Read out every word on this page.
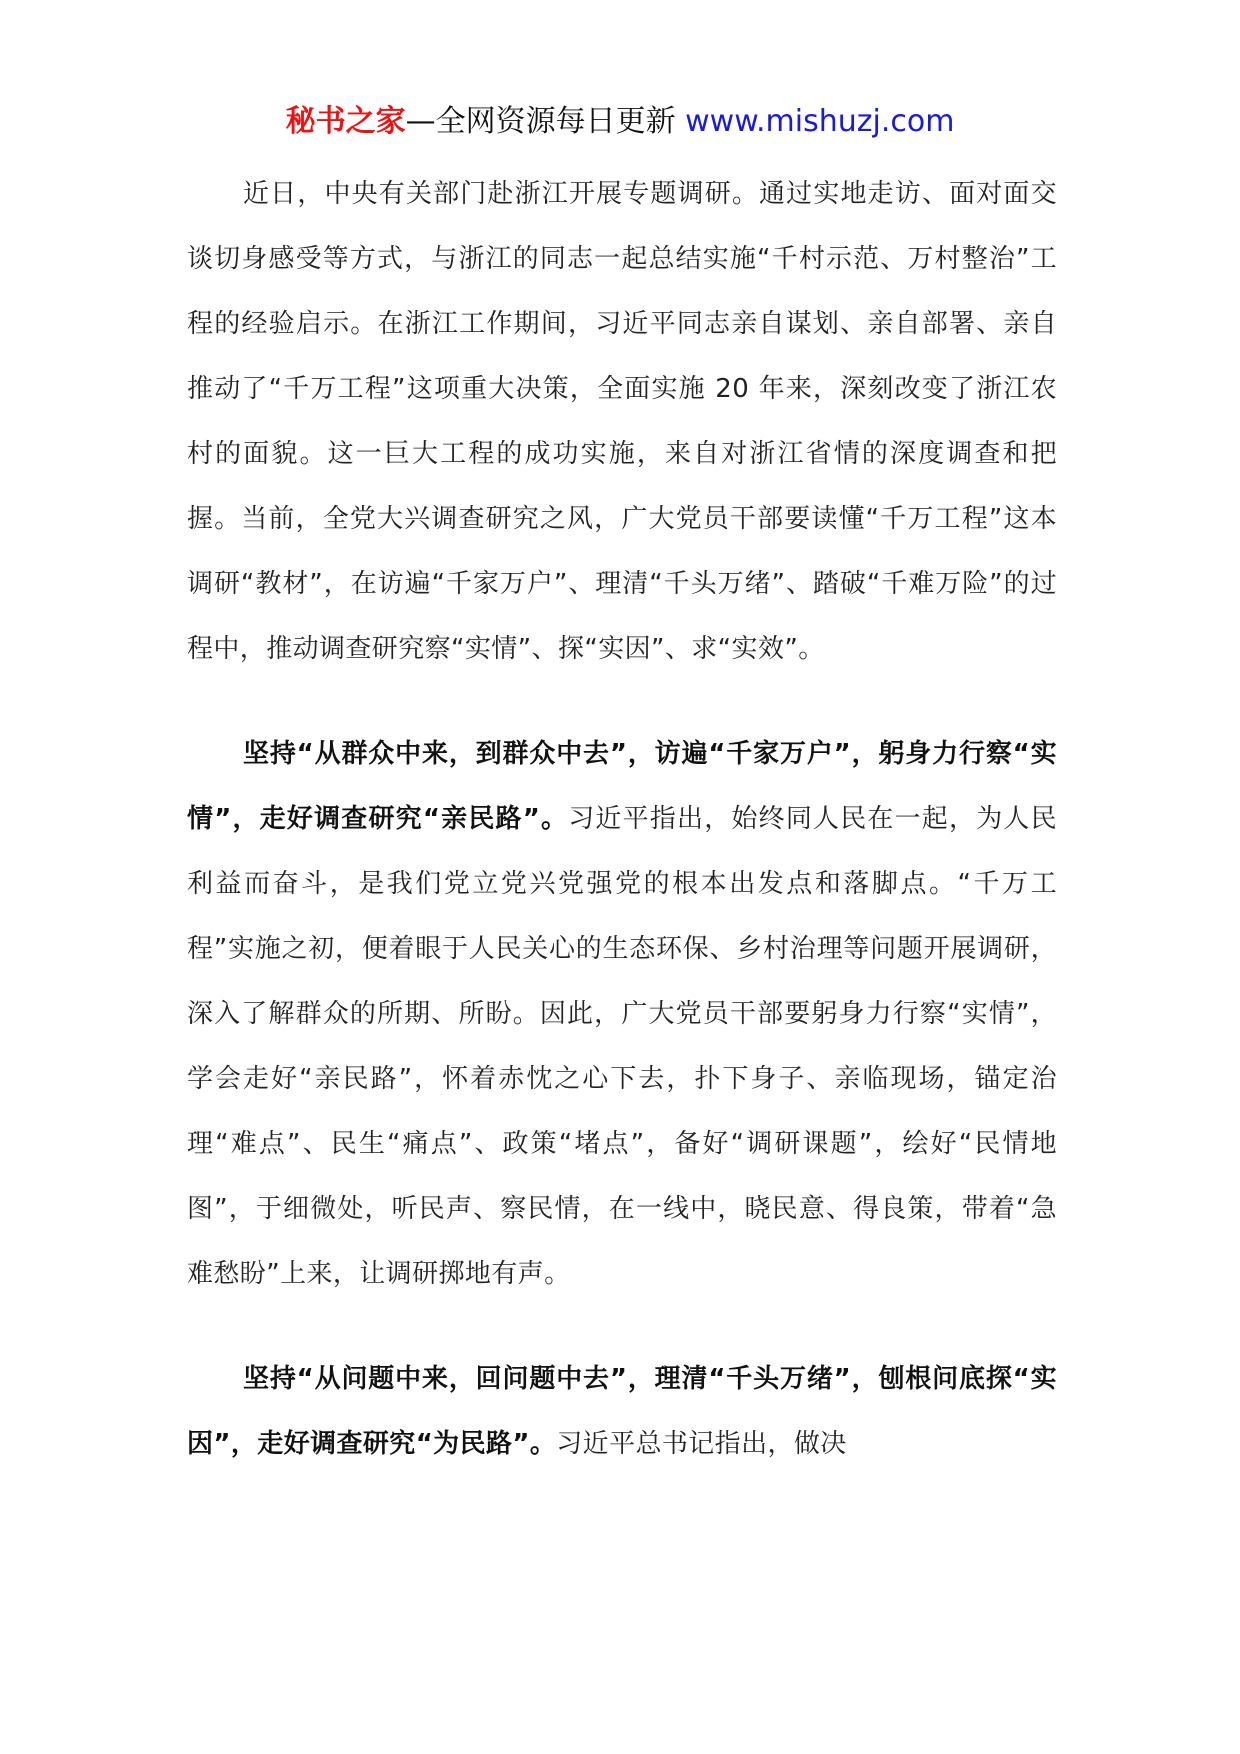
秘书之家—全网资源每日更新 www.mishuzj.com

近日，中央有关部门赴浙江开展专题调研。通过实地走访、面对面交谈切身感受等方式，与浙江的同志一起总结实施“千村示范、万村整治”工程的经验启示。在浙江工作期间，习近平同志亲自谋划、亲自部署、亲自推动了“千万工程”这项重大决策，全面实施 20 年来，深刻改变了浙江农村的面貌。这一巨大工程的成功实施，来自对浙江省情的深度调查和把握。当前，全党大兴调查研究之风，广大党员干部要读懂“千万工程”这本调研“教材”，在访遍“千家万户”、理清“千头万绪”、踏破“千难万险”的过程中，推动调查研究察“实情”、探“实因”、求“实效”。

坚持“从群众中来，到群众中去”，访遍“千家万户”，躬身力行察“实情”，走好调查研究“亲民路”。习近平指出，始终同人民在一起，为人民利益而奋斗，是我们党立党兴党强党的根本出发点和落脚点。“千万工程”实施之初，便着眼于人民关心的生态环保、乡村治理等问题开展调研，深入了解群众的所期、所盼。因此，广大党员干部要躬身力行察“实情”，学会走好“亲民路”，怀着赤忱之心下去，扑下身子、亲临现场，锚定治理“难点”、民生“痛点”、政策“堵点”，备好“调研课题”，绘好“民情地图”，于细微处，听民声、察民情，在一线中，晓民意、得良策，带着“急难愁盼”上来，让调研掷地有声。

坚持“从问题中来，回问题中去”，理清“千头万绪”，刨根问底探“实因”，走好调查研究“为民路”。习近平总书记指出，做决
